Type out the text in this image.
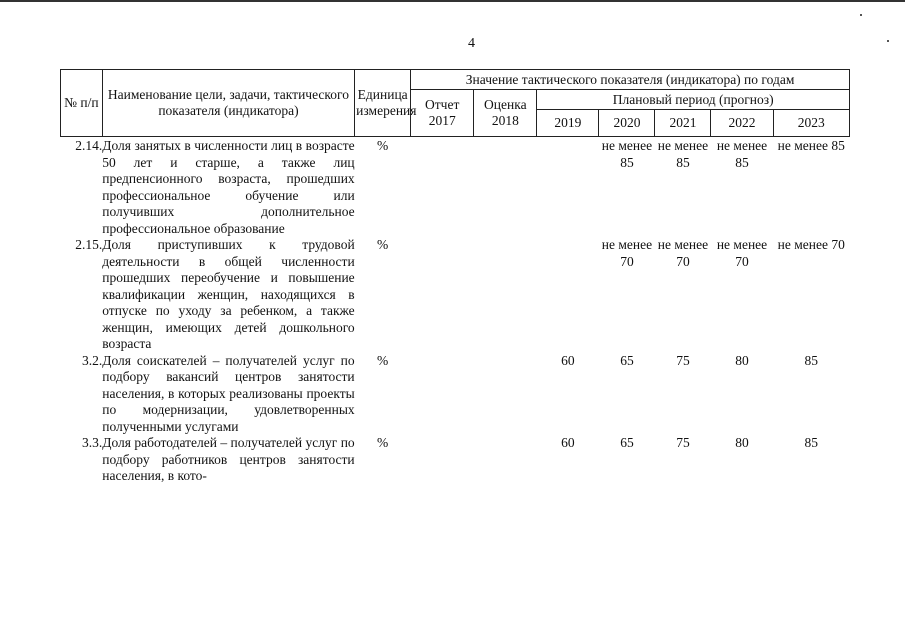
4
№ п/п	Наименование цели, задачи, тактического показателя (индикатора)	Единица измерения	Значение тактического показателя (индикатора) по годам						
			Отчет 2017	Оценка 2018	Плановый период (прогноз)				
					2019	2020	2021	2022	2023
2.14.	Доля занятых в численности лиц в возрасте 50 лет и старше, а также лиц предпенсионного возраста, прошедших профессиональное обучение или получивших дополнительное профессиональное образование	%				не менее 85	не менее 85	не менее 85	не менее 85
2.15.	Доля приступивших к трудовой деятельности в общей численности прошедших переобучение и повышение квалификации женщин, находящихся в отпуске по уходу за ребенком, а также женщин, имеющих детей дошкольного возраста	%				не менее 70	не менее 70	не менее 70	не менее 70
3.2.	Доля соискателей – получателей услуг по подбору вакансий центров занятости населения, в которых реализованы проекты по модернизации, удовлетворенных полученными услугами	%			60	65	75	80	85
3.3.	Доля работодателей – получателей услуг по подбору работников центров занятости населения, в кото-	%			60	65	75	80	85
